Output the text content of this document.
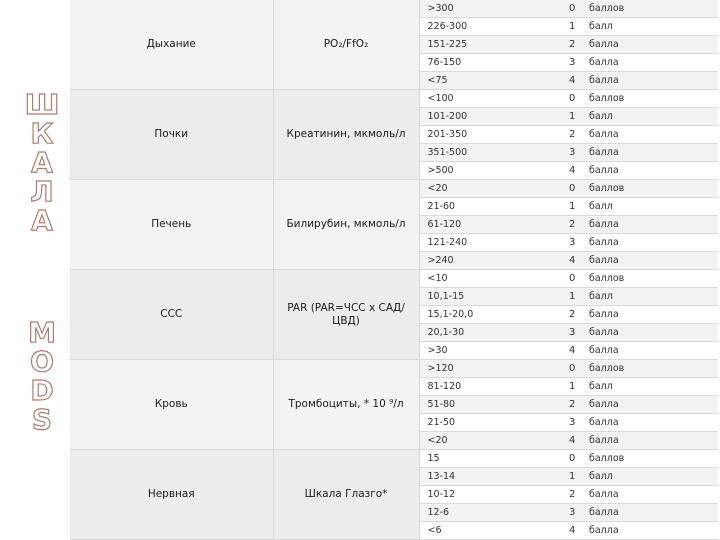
Ш
К
А
Л
А
M
O
D
S
Дыхание	PO₂/FfO₂	>300	0	баллов
		226-300	1	балл
		151-225	2	балла
		76-150	3	балла
		<75	4	балла
Почки	Креатинин, мкмоль/л	<100	0	баллов
		101-200	1	балл
		201-350	2	балла
		351-500	3	балла
		>500	4	балла
Печень	Билирубин, мкмоль/л	<20	0	баллов
		21-60	1	балл
		61-120	2	балла
		121-240	3	балла
		>240	4	балла
ССС	PAR (PAR=ЧСС х САД/ЦВД)	<10	0	баллов
		10,1-15	1	балл
		15,1-20,0	2	балла
		20,1-30	3	балла
		>30	4	балла
Кровь	Тромбоциты, * 10 ⁹/л	>120	0	баллов
		81-120	1	балл
		51-80	2	балла
		21-50	3	балла
		<20	4	балла
Нервная	Шкала Глазго*	15	0	баллов
		13-14	1	балл
		10-12	2	балла
		12-6	3	балла
		<6	4	балла
